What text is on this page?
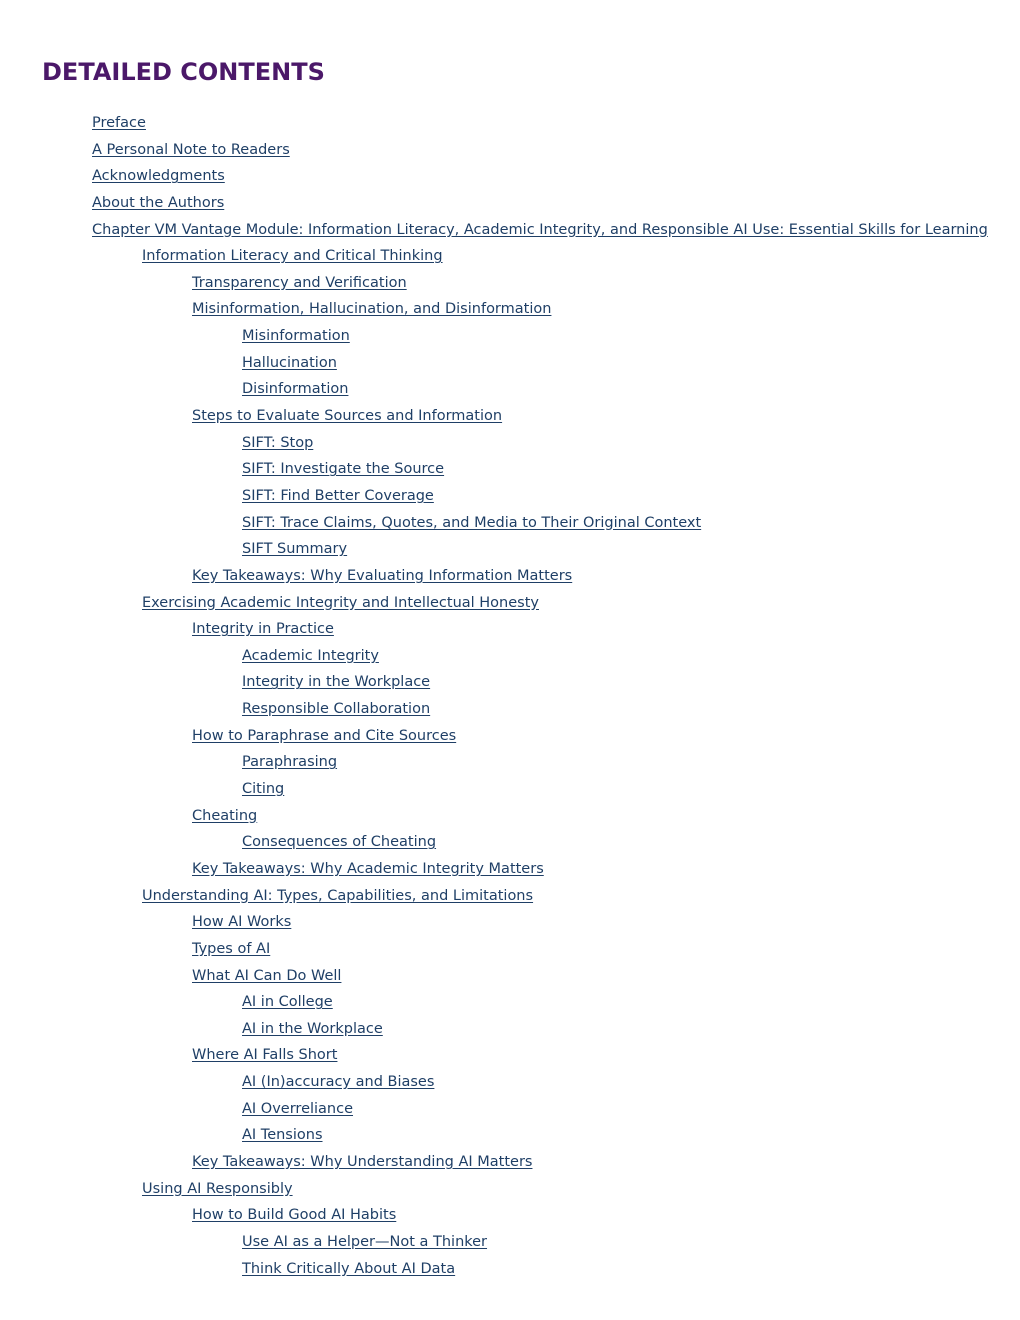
DETAILED CONTENTS
Preface
A Personal Note to Readers
Acknowledgments
About the Authors
Chapter VM Vantage Module: Information Literacy, Academic Integrity, and Responsible AI Use: Essential Skills for Learning
Information Literacy and Critical Thinking
Transparency and Verification
Misinformation, Hallucination, and Disinformation
Misinformation
Hallucination
Disinformation
Steps to Evaluate Sources and Information
SIFT: Stop
SIFT: Investigate the Source
SIFT: Find Better Coverage
SIFT: Trace Claims, Quotes, and Media to Their Original Context
SIFT Summary
Key Takeaways: Why Evaluating Information Matters
Exercising Academic Integrity and Intellectual Honesty
Integrity in Practice
Academic Integrity
Integrity in the Workplace
Responsible Collaboration
How to Paraphrase and Cite Sources
Paraphrasing
Citing
Cheating
Consequences of Cheating
Key Takeaways: Why Academic Integrity Matters
Understanding AI: Types, Capabilities, and Limitations
How AI Works
Types of AI
What AI Can Do Well
AI in College
AI in the Workplace
Where AI Falls Short
AI (In)accuracy and Biases
AI Overreliance
AI Tensions
Key Takeaways: Why Understanding AI Matters
Using AI Responsibly
How to Build Good AI Habits
Use AI as a Helper—Not a Thinker
Think Critically About AI Data
